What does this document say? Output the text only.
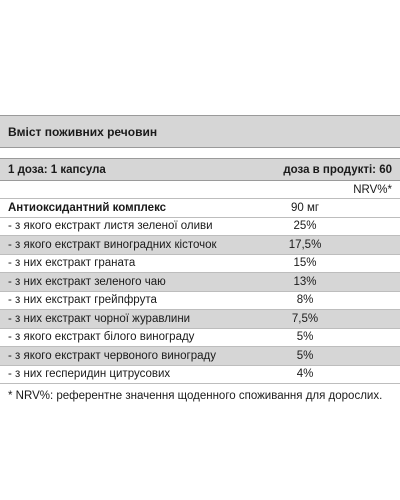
Вміст поживних речовин
1 доза: 1 капсула	доза в продукті: 60
NRV%*
Антиоксидантний комплекс	90 мг
- з якого екстракт листя зеленої оливи	25%
- з якого екстракт виноградних кісточок	17,5%
- з них екстракт граната	15%
- з них екстракт зеленого чаю	13%
- з них екстракт грейпфрута	8%
- з них екстракт чорної журавлини	7,5%
- з якого екстракт білого винограду	5%
- з якого екстракт червоного винограду	5%
- з них гесперидин цитрусових	4%
* NRV%: референтне значення щоденного споживання для дорослих.
